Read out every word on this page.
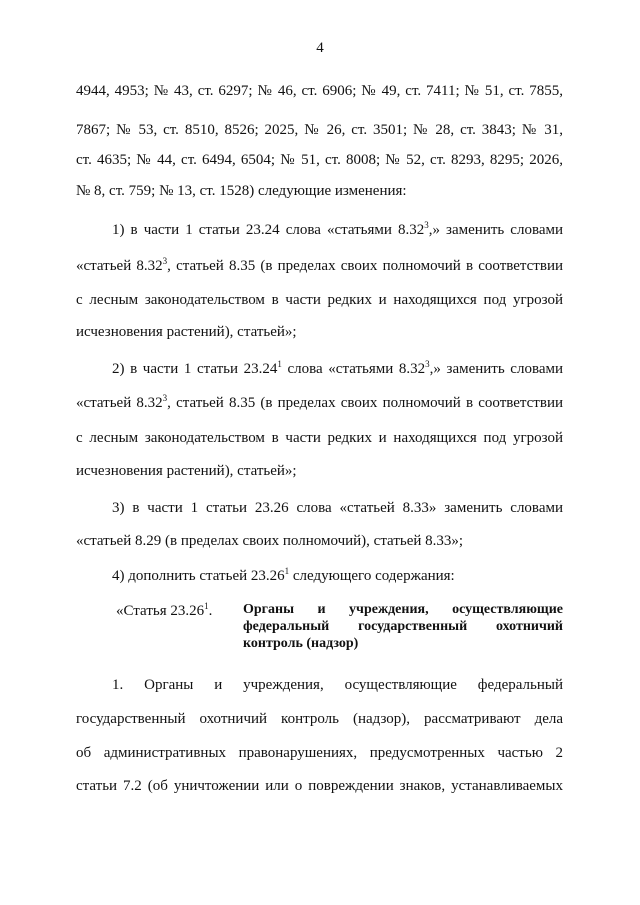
4
4944, 4953; № 43, ст. 6297; № 46, ст. 6906; № 49, ст. 7411; № 51, ст. 7855,
7867; № 53, ст. 8510, 8526; 2025, № 26, ст. 3501; № 28, ст. 3843; № 31,
ст. 4635; № 44, ст. 6494, 6504; № 51, ст. 8008; № 52, ст. 8293, 8295; 2026,
№ 8, ст. 759; № 13, ст. 1528) следующие изменения:
1) в части 1 статьи 23.24 слова «статьями 8.32$^3$,» заменить словами
«статьей 8.32$^3$, статьей 8.35 (в пределах своих полномочий в соответствии
с лесным законодательством в части редких и находящихся под угрозой
исчезновения растений), статьей»;
2) в части 1 статьи 23.24$^1$ слова «статьями 8.32$^3$,» заменить словами
«статьей 8.32$^3$, статьей 8.35 (в пределах своих полномочий в соответствии
с лесным законодательством в части редких и находящихся под угрозой
исчезновения растений), статьей»;
3) в части 1 статьи 23.26 слова «статьей 8.33» заменить словами
«статьей 8.29 (в пределах своих полномочий), статьей 8.33»;
4) дополнить статьей 23.26$^1$ следующего содержания:
«Статья 23.26$^1$. Органы и учреждения, осуществляющие
федеральный государственный охотничий
контроль (надзор)
1. Органы и учреждения, осуществляющие федеральный
государственный охотничий контроль (надзор), рассматривают дела
об административных правонарушениях, предусмотренных частью 2
статьи 7.2 (об уничтожении или о повреждении знаков, устанавливаемых
